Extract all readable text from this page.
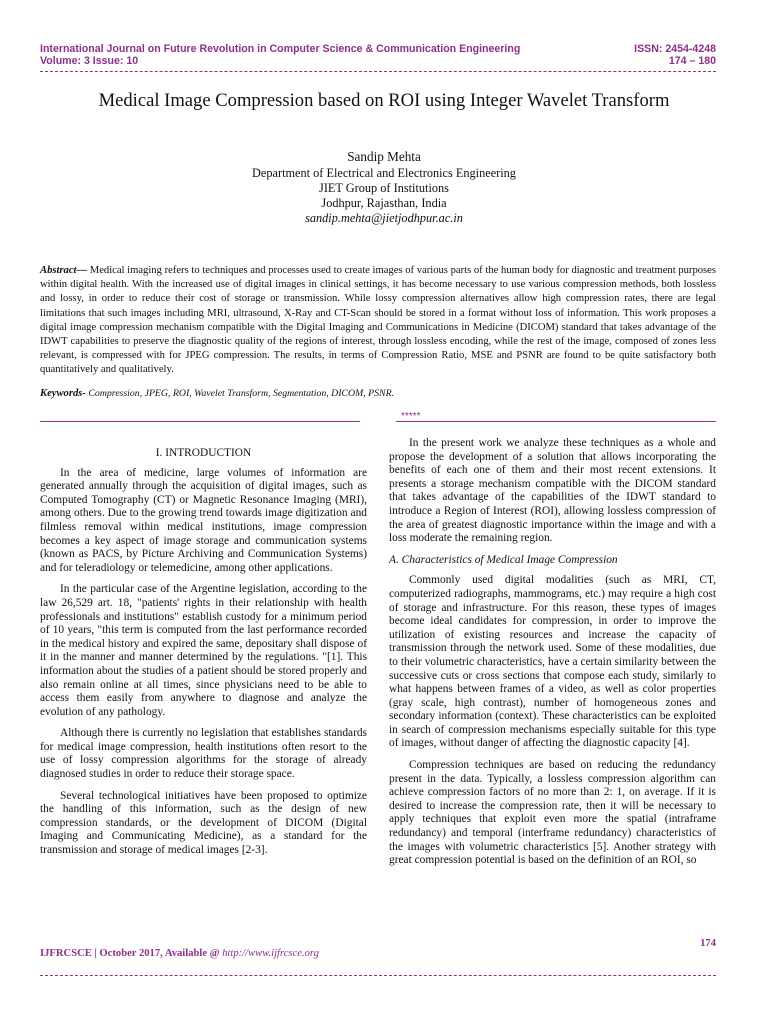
International Journal on Future Revolution in Computer Science & Communication Engineering	ISSN: 2454-4248
Volume: 3 Issue: 10	174 – 180
Medical Image Compression based on ROI using Integer Wavelet Transform
Sandip Mehta
Department of Electrical and Electronics Engineering
JIET Group of Institutions
Jodhpur, Rajasthan, India
sandip.mehta@jietjodhpur.ac.in
Abstract— Medical imaging refers to techniques and processes used to create images of various parts of the human body for diagnostic and treatment purposes within digital health. With the increased use of digital images in clinical settings, it has become necessary to use various compression methods, both lossless and lossy, in order to reduce their cost of storage or transmission. While lossy compression alternatives allow high compression rates, there are legal limitations that such images including MRI, ultrasound, X-Ray and CT-Scan should be stored in a format without loss of information. This work proposes a digital image compression mechanism compatible with the Digital Imaging and Communications in Medicine (DICOM) standard that takes advantage of the IDWT capabilities to preserve the diagnostic quality of the regions of interest, through lossless encoding, while the rest of the image, composed of zones less relevant, is compressed with for JPEG compression. The results, in terms of Compression Ratio, MSE and PSNR are found to be quite satisfactory both quantitatively and qualitatively.
Keywords- Compression, JPEG, ROI, Wavelet Transform, Segmentation, DICOM, PSNR.
*****
I. INTRODUCTION

In the area of medicine, large volumes of information are generated annually through the acquisition of digital images, such as Computed Tomography (CT) or Magnetic Resonance Imaging (MRI), among others. Due to the growing trend towards image digitization and filmless removal within medical institutions, image compression becomes a key aspect of image storage and communication systems (known as PACS, by Picture Archiving and Communication Systems) and for teleradiology or telemedicine, among other applications.

In the particular case of the Argentine legislation, according to the law 26,529 art. 18, "patients' rights in their relationship with health professionals and institutions" establish custody for a minimum period of 10 years, "this term is computed from the last performance recorded in the medical history and expired the same, depositary shall dispose of it in the manner and manner determined by the regulations. "[1]. This information about the studies of a patient should be stored properly and also remain online at all times, since physicians need to be able to access them easily from anywhere to diagnose and analyze the evolution of any pathology.

Although there is currently no legislation that establishes standards for medical image compression, health institutions often resort to the use of lossy compression algorithms for the storage of already diagnosed studies in order to reduce their storage space.

Several technological initiatives have been proposed to optimize the handling of this information, such as the design of new compression standards, or the development of DICOM (Digital Imaging and Communicating Medicine), as a standard for the transmission and storage of medical images [2-3].

In the present work we analyze these techniques as a whole and propose the development of a solution that allows incorporating the benefits of each one of them and their most recent extensions. It presents a storage mechanism compatible with the DICOM standard that takes advantage of the capabilities of the IDWT standard to introduce a Region of Interest (ROI), allowing lossless compression of the area of greatest diagnostic importance within the image and with a loss moderate the remaining region.

A. Characteristics of Medical Image Compression

Commonly used digital modalities (such as MRI, CT, computerized radiographs, mammograms, etc.) may require a high cost of storage and infrastructure. For this reason, these types of images become ideal candidates for compression, in order to improve the utilization of existing resources and increase the capacity of transmission through the network used. Some of these modalities, due to their volumetric characteristics, have a certain similarity between the successive cuts or cross sections that compose each study, similarly to what happens between frames of a video, as well as color properties (gray scale, high contrast), number of homogeneous zones and secondary information (context). These characteristics can be exploited in search of compression mechanisms especially suitable for this type of images, without danger of affecting the diagnostic capacity [4].

Compression techniques are based on reducing the redundancy present in the data. Typically, a lossless compression algorithm can achieve compression factors of no more than 2: 1, on average. If it is desired to increase the compression rate, then it will be necessary to apply techniques that exploit even more the spatial (intraframe redundancy) and temporal (interframe redundancy) characteristics of the images with volumetric characteristics [5]. Another strategy with great compression potential is based on the definition of an ROI, so

174
IJFRCSCE | October 2017, Available @ http://www.ijfrcsce.org
